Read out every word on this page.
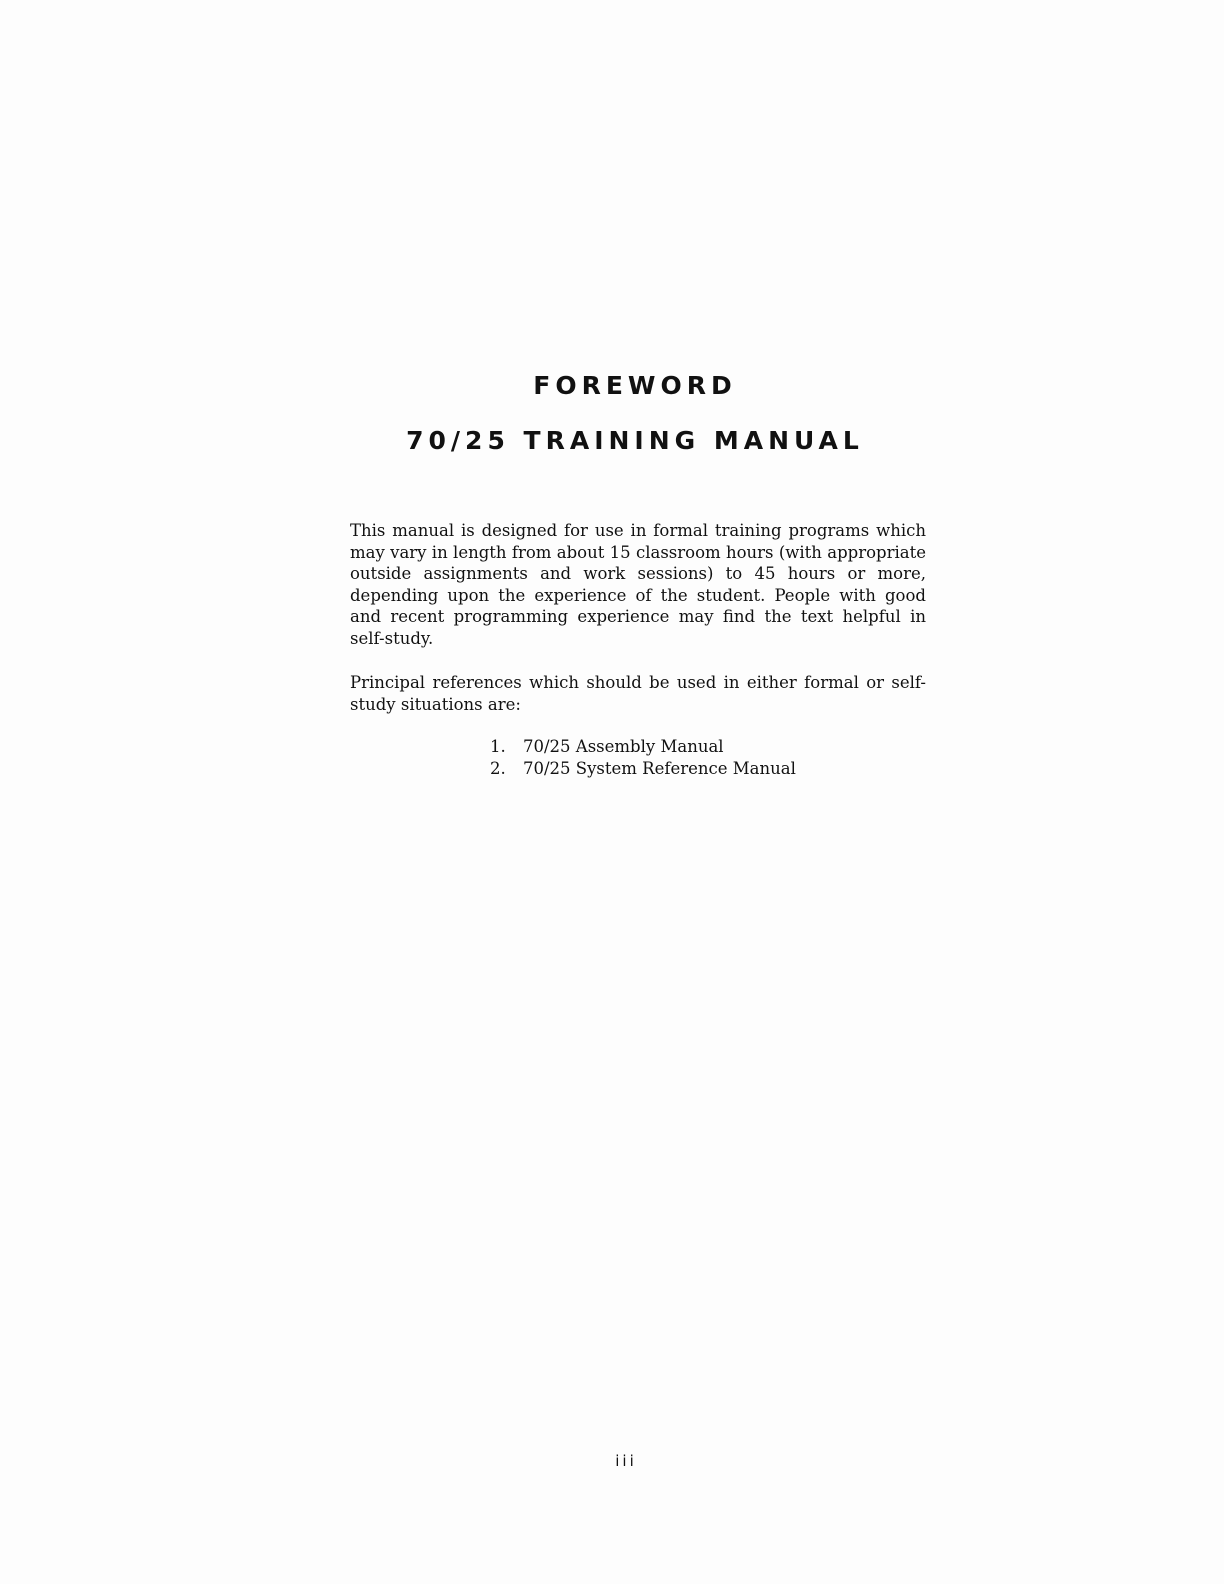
FOREWORD
70/25 TRAINING MANUAL

This manual is designed for use in formal training programs which may vary in length from about 15 classroom hours (with appropriate outside assignments and work sessions) to 45 hours or more, depending upon the experience of the student. People with good and recent programming experience may find the text helpful in self-study.

Principal references which should be used in either formal or self-study situations are:

1.	70/25 Assembly Manual
2.	70/25 System Reference Manual

iii
